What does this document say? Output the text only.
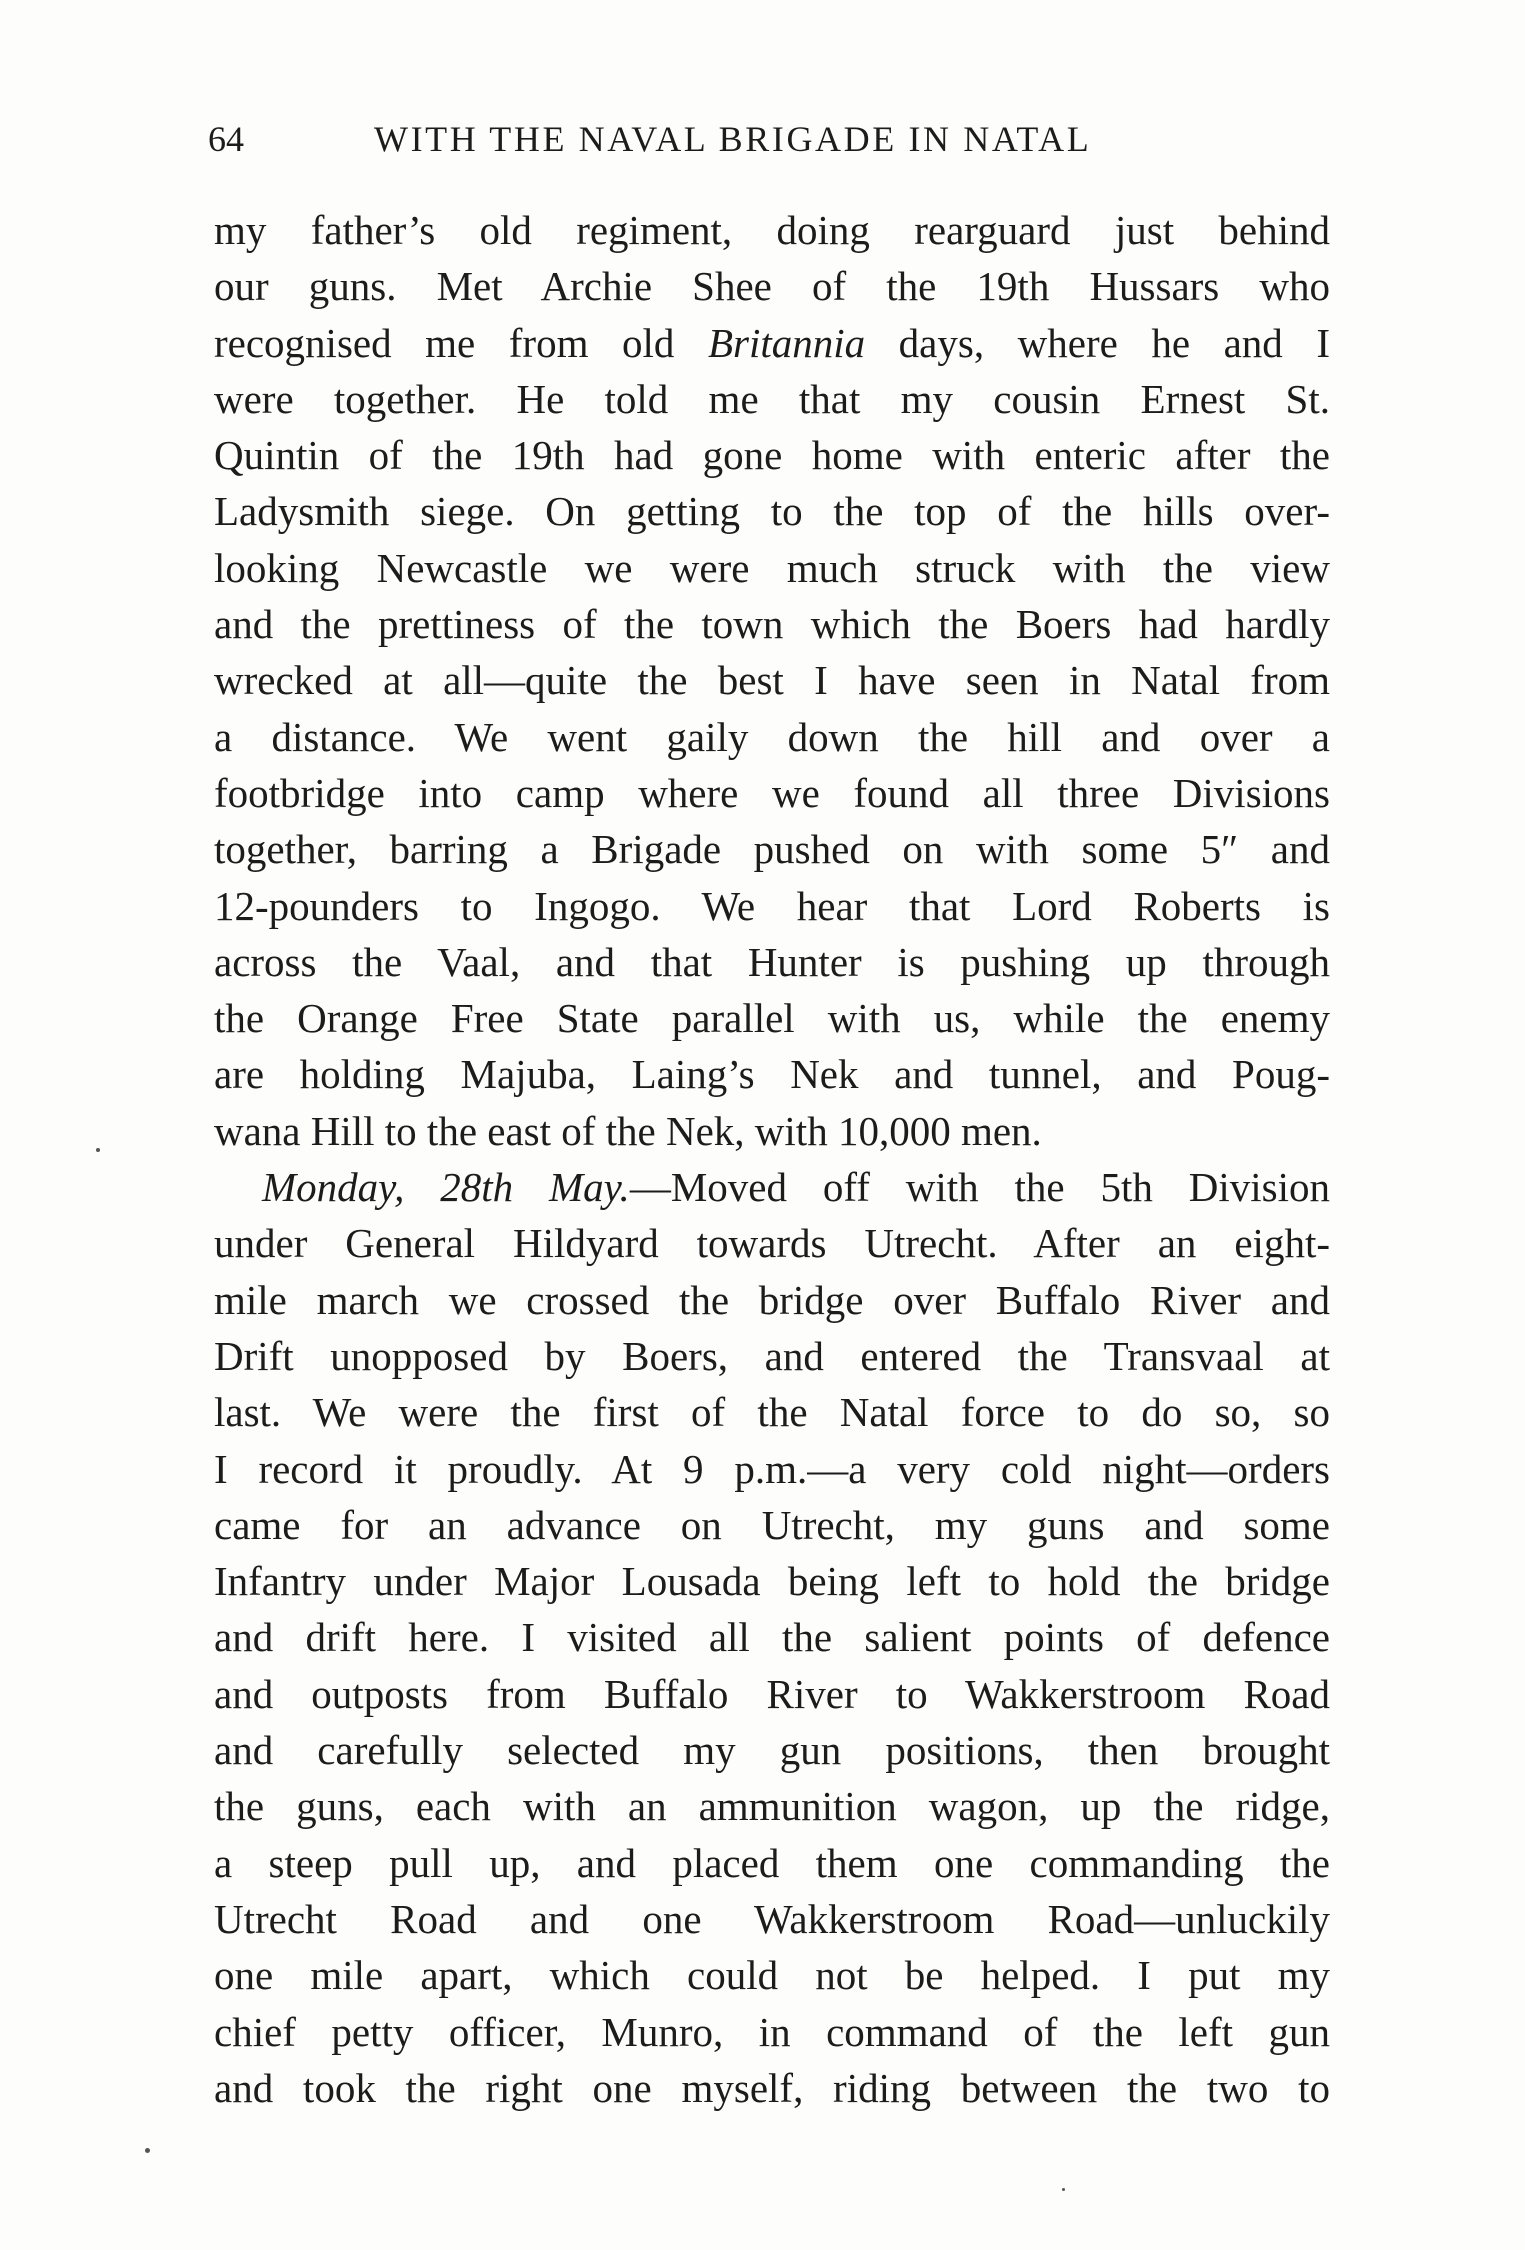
64	WITH THE NAVAL BRIGADE IN NATAL
my father’s old regiment, doing rearguard just behind
our guns. Met Archie Shee of the 19th Hussars who
recognised me from old Britannia days, where he and I
were together. He told me that my cousin Ernest St.
Quintin of the 19th had gone home with enteric after the
Ladysmith siege. On getting to the top of the hills over-
looking Newcastle we were much struck with the view
and the prettiness of the town which the Boers had hardly
wrecked at all—quite the best I have seen in Natal from
a distance. We went gaily down the hill and over a
footbridge into camp where we found all three Divisions
together, barring a Brigade pushed on with some 5″ and
12-pounders to Ingogo. We hear that Lord Roberts is
across the Vaal, and that Hunter is pushing up through
the Orange Free State parallel with us, while the enemy
are holding Majuba, Laing’s Nek and tunnel, and Poug-
wana Hill to the east of the Nek, with 10,000 men.
Monday, 28th May.—Moved off with the 5th Division
under General Hildyard towards Utrecht. After an eight-
mile march we crossed the bridge over Buffalo River and
Drift unopposed by Boers, and entered the Transvaal at
last. We were the first of the Natal force to do so, so
I record it proudly. At 9 p.m.—a very cold night—orders
came for an advance on Utrecht, my guns and some
Infantry under Major Lousada being left to hold the bridge
and drift here. I visited all the salient points of defence
and outposts from Buffalo River to Wakkerstroom Road
and carefully selected my gun positions, then brought
the guns, each with an ammunition wagon, up the ridge,
a steep pull up, and placed them one commanding the
Utrecht Road and one Wakkerstroom Road—unluckily
one mile apart, which could not be helped. I put my
chief petty officer, Munro, in command of the left gun
and took the right one myself, riding between the two to
